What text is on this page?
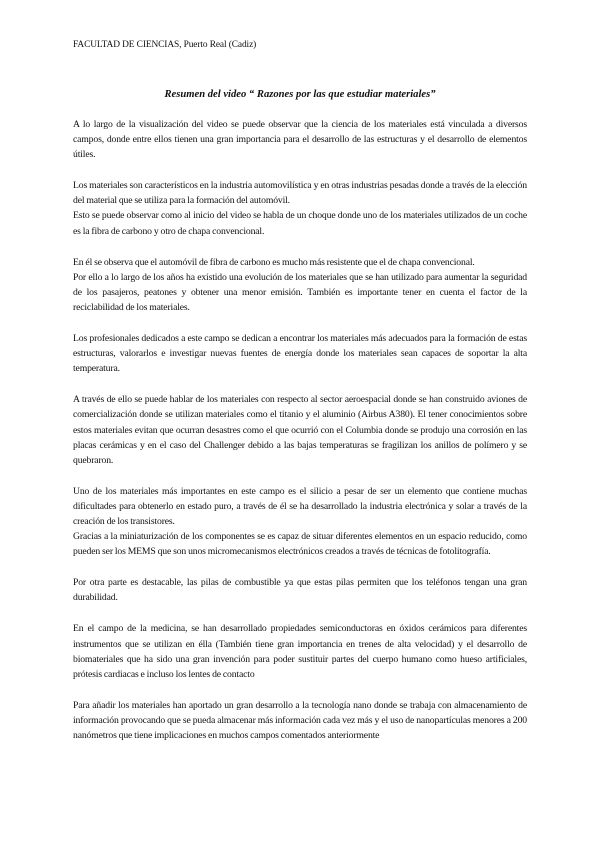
FACULTAD DE CIENCIAS, Puerto Real (Cadiz)
Resumen del video “ Razones por las que estudiar materiales”

A lo largo de la visualización del video se puede observar que la ciencia de los materiales está vinculada a diversos campos, donde entre ellos tienen una gran importancia para el desarrollo de las estructuras y el desarrollo de elementos útiles.

Los materiales son característicos en la industria automovilística y en otras industrias pesadas donde a través de la elección del material que se utiliza para la formación del automóvil.

Esto se puede observar como al inicio del video se habla de un choque donde uno de los materiales utilizados de un coche es la fibra de carbono y otro de chapa convencional.

En él se observa que el automóvil de fibra de carbono es mucho más resistente que el de chapa convencional.

Por ello a lo largo de los años ha existido una evolución de los materiales que se han utilizado para aumentar la seguridad de los pasajeros, peatones y obtener una menor emisión. También es importante tener en cuenta el factor de la reciclabilidad de los materiales.

Los profesionales dedicados a este campo se dedican a encontrar los materiales más adecuados para la formación de estas estructuras, valorarlos e investigar nuevas fuentes de energía donde los materiales sean capaces de soportar la alta temperatura.

A través de ello se puede hablar de los materiales con respecto al sector aeroespacial donde se han construido aviones de comercialización donde se utilizan materiales como el titanio y el aluminio (Airbus A380). El tener conocimientos sobre estos materiales evitan que ocurran desastres como el que ocurrió con el Columbia donde se produjo una corrosión en las placas cerámicas y en el caso del Challenger debido a las bajas temperaturas se fragilizan los anillos de polímero y se quebraron.

Uno de los materiales más importantes en este campo es el silicio a pesar de ser un elemento que contiene muchas dificultades para obtenerlo en estado puro, a través de él se ha desarrollado la industria electrónica y solar a través de la creación de los transistores.

Gracias a la miniaturización de los componentes se es capaz de situar diferentes elementos en un espacio reducido, como pueden ser los MEMS que son unos micromecanismos electrónicos creados a través de técnicas de fotolitografía.

Por otra parte es destacable, las pilas de combustible ya que estas pilas permiten que los teléfonos tengan una gran durabilidad.

En el campo de la medicina, se han desarrollado propiedades semiconductoras en óxidos cerámicos para diferentes instrumentos que se utilizan en élla (También tiene gran importancia en trenes de alta velocidad) y el desarrollo de biomateriales que ha sido una gran invención para poder sustituir partes del cuerpo humano como hueso artificiales, prótesis cardiacas e incluso los lentes de contacto

Para añadir los materiales han aportado un gran desarrollo a la tecnología nano donde se trabaja con almacenamiento de información provocando que se pueda almacenar más información cada vez más y el uso de nanopartículas menores a 200 nanómetros que tiene implicaciones en muchos campos comentados anteriormente
